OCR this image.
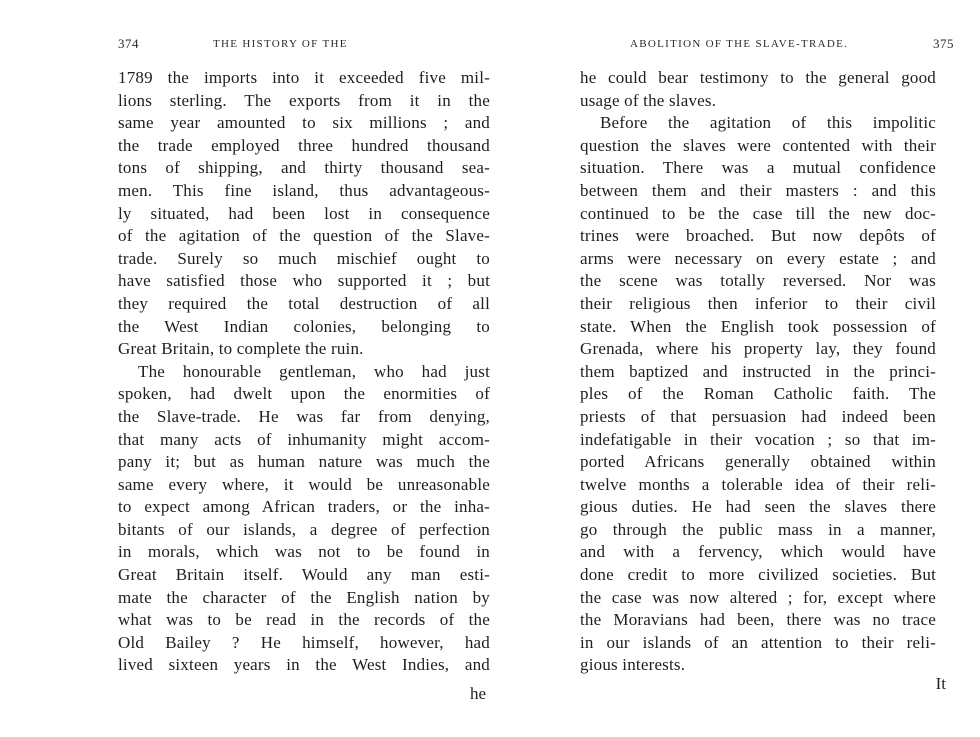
374	THE HISTORY OF THE
1789 the imports into it exceeded five mil-
lions sterling. The exports from it in the
same year amounted to six millions ; and
the trade employed three hundred thousand
tons of shipping, and thirty thousand sea-
men. This fine island, thus advantageous-
ly situated, had been lost in consequence
of the agitation of the question of the Slave-
trade. Surely so much mischief ought to
have satisfied those who supported it ; but
they required the total destruction of all
the West Indian colonies, belonging to
Great Britain, to complete the ruin.
The honourable gentleman, who had just
spoken, had dwelt upon the enormities of
the Slave-trade. He was far from denying,
that many acts of inhumanity might accom-
pany it; but as human nature was much the
same every where, it would be unreasonable
to expect among African traders, or the inha-
bitants of our islands, a degree of perfection
in morals, which was not to be found in
Great Britain itself. Would any man esti-
mate the character of the English nation by
what was to be read in the records of the
Old Bailey ? He himself, however, had
lived sixteen years in the West Indies, and
he
ABOLITION OF THE SLAVE-TRADE.	375
he could bear testimony to the general good
usage of the slaves.
Before the agitation of this impolitic
question the slaves were contented with their
situation. There was a mutual confidence
between them and their masters : and this
continued to be the case till the new doc-
trines were broached. But now depôts of
arms were necessary on every estate ; and
the scene was totally reversed. Nor was
their religious then inferior to their civil
state. When the English took possession of
Grenada, where his property lay, they found
them baptized and instructed in the princi-
ples of the Roman Catholic faith. The
priests of that persuasion had indeed been
indefatigable in their vocation ; so that im-
ported Africans generally obtained within
twelve months a tolerable idea of their reli-
gious duties. He had seen the slaves there
go through the public mass in a manner,
and with a fervency, which would have
done credit to more civilized societies. But
the case was now altered ; for, except where
the Moravians had been, there was no trace
in our islands of an attention to their reli-
gious interests.
It
